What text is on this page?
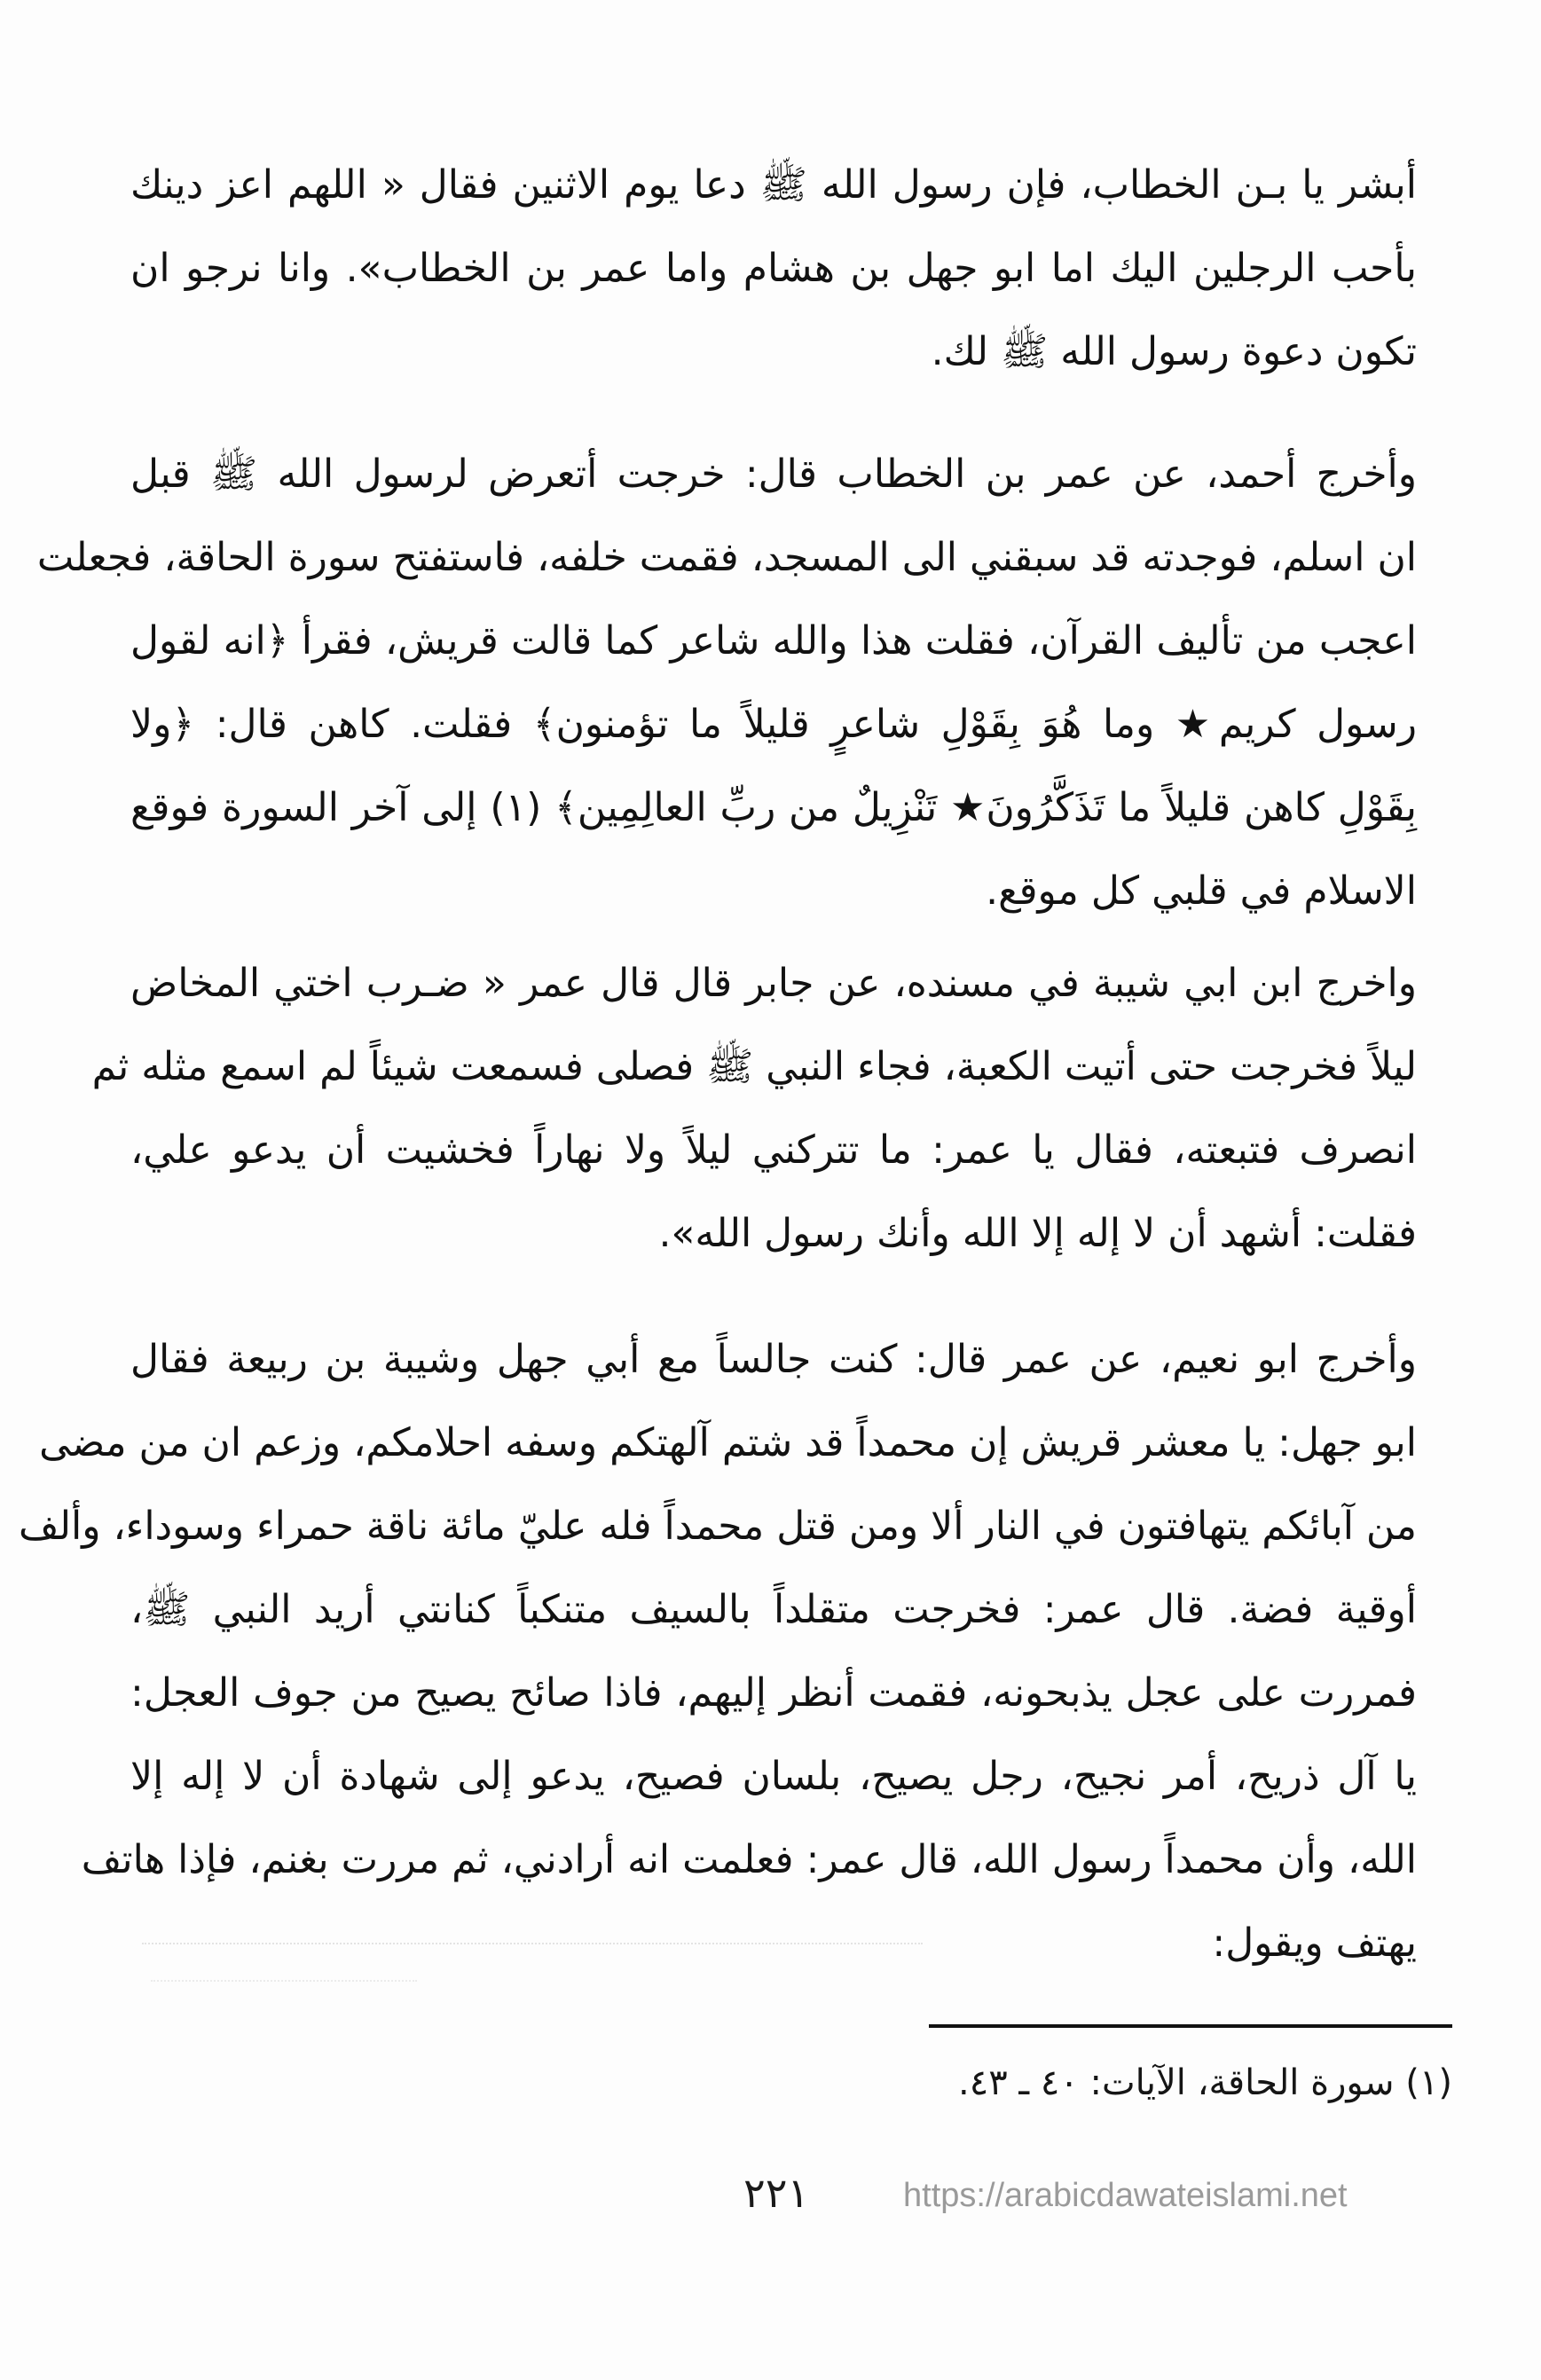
أبشر يا بـن الخطاب، فإن رسول الله ﷺ دعا يوم الاثنين فقال « اللهم اعز دينك
بأحب الرجلين اليك اما ابو جهل بن هشام واما عمر بن الخطاب». وانا نرجو ان
تكون دعوة رسول الله ﷺ لك.
وأخرج أحمد، عن عمر بن الخطاب قال: خرجت أتعرض لرسول الله ﷺ قبل
ان اسلم، فوجدته قد سبقني الى المسجد، فقمت خلفه، فاستفتح سورة الحاقة، فجعلت
اعجب من تأليف القرآن، فقلت هذا والله شاعر كما قالت قريش، فقرأ ﴿انه لقول
رسول كريم★ وما هُوَ بِقَوْلِ شاعرٍ قليلاً ما تؤمنون﴾ فقلت. كاهن قال: ﴿ولا
بِقَوْلِ كاهن قليلاً ما تَذَكَّرُونَ★ تَنْزِيلٌ من ربِّ العالِمِين﴾ (١) إلى آخر السورة فوقع
الاسلام في قلبي كل موقع.
واخرج ابن ابي شيبة في مسنده، عن جابر قال قال عمر « ضـرب اختي المخاض
ليلاً فخرجت حتى أتيت الكعبة، فجاء النبي ﷺ فصلى فسمعت شيئاً لم اسمع مثله ثم
انصرف فتبعته، فقال يا عمر: ما تتركني ليلاً ولا نهاراً فخشيت أن يدعو علي،
فقلت: أشهد أن لا إله إلا الله وأنك رسول الله».
وأخرج ابو نعيم، عن عمر قال: كنت جالساً مع أبي جهل وشيبة بن ربيعة فقال
ابو جهل: يا معشر قريش إن محمداً قد شتم آلهتكم وسفه احلامكم، وزعم ان من مضى
من آبائكم يتهافتون في النار ألا ومن قتل محمداً فله عليّ مائة ناقة حمراء وسوداء، وألف
أوقية فضة. قال عمر: فخرجت متقلداً بالسيف متنكباً كنانتي أريد النبي ﷺ،
فمررت على عجل يذبحونه، فقمت أنظر إليهم، فاذا صائح يصيح من جوف العجل:
يا آل ذريح، أمر نجيح، رجل يصيح، بلسان فصيح، يدعو إلى شهادة أن لا إله إلا
الله، وأن محمداً رسول الله، قال عمر: فعلمت انه أرادني، ثم مررت بغنم، فإذا هاتف
يهتف ويقول:
(١) سورة الحاقة، الآيات: ٤٠ ـ ٤٣.
٢٢١	https://arabicdawateislami.net
